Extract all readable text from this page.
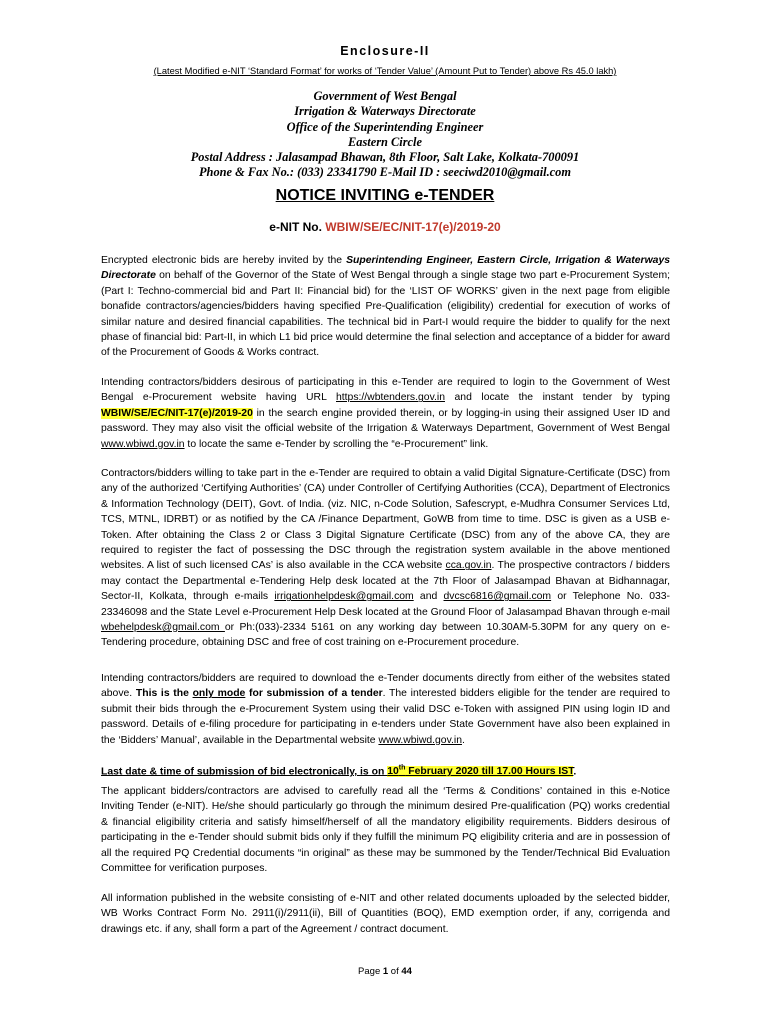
Enclosure-II
(Latest Modified e-NIT ‘Standard Format’ for works of ‘Tender Value’ (Amount Put to Tender) above Rs 45.0 lakh)
Government of West Bengal
Irrigation & Waterways Directorate
Office of the Superintending Engineer
Eastern Circle
Postal Address : Jalasampad Bhawan, 8th Floor, Salt Lake, Kolkata-700091
Phone & Fax No.: (033) 23341790 E-Mail ID : seeciwd2010@gmail.com
NOTICE INVITING e-TENDER
e-NIT No. WBIW/SE/EC/NIT-17(e)/2019-20

Encrypted electronic bids are hereby invited by the Superintending Engineer, Eastern Circle, Irrigation & Waterways Directorate on behalf of the Governor of the State of West Bengal through a single stage two part e-Procurement System; (Part I: Techno-commercial bid and Part II: Financial bid) for the ‘LIST OF WORKS’ given in the next page from eligible bonafide contractors/agencies/bidders having specified Pre-Qualification (eligibility) credential for execution of works of similar nature and desired financial capabilities. The technical bid in Part-I would require the bidder to qualify for the next phase of financial bid: Part-II, in which L1 bid price would determine the final selection and acceptance of a bidder for award of the Procurement of Goods & Works contract.

Intending contractors/bidders desirous of participating in this e-Tender are required to login to the Government of West Bengal e-Procurement website having URL https://wbtenders.gov.in and locate the instant tender by typing WBIW/SE/EC/NIT-17(e)/2019-20 in the search engine provided therein, or by logging-in using their assigned User ID and password. They may also visit the official website of the Irrigation & Waterways Department, Government of West Bengal www.wbiwd.gov.in to locate the same e-Tender by scrolling the “e-Procurement” link.

Contractors/bidders willing to take part in the e-Tender are required to obtain a valid Digital Signature-Certificate (DSC) from any of the authorized ‘Certifying Authorities’ (CA) under Controller of Certifying Authorities (CCA), Department of Electronics & Information Technology (DEIT), Govt. of India. (viz. NIC, n-Code Solution, Safescrypt, e-Mudhra Consumer Services Ltd, TCS, MTNL, IDRBT) or as notified by the CA /Finance Department, GoWB from time to time. DSC is given as a USB e-Token. After obtaining the Class 2 or Class 3 Digital Signature Certificate (DSC) from any of the above CA, they are required to register the fact of possessing the DSC through the registration system available in the above mentioned websites. A list of such licensed CAs’ is also available in the CCA website cca.gov.in. The prospective contractors / bidders may contact the Departmental e-Tendering Help desk located at the 7th Floor of Jalasampad Bhavan at Bidhannagar, Sector-II, Kolkata, through e-mails irrigationhelpdesk@gmail.com and dvcsc6816@gmail.com or Telephone No. 033-23346098 and the State Level e-Procurement Help Desk located at the Ground Floor of Jalasampad Bhavan through e-mail wbehelpdesk@gmail.com or Ph:(033)-2334 5161 on any working day between 10.30AM-5.30PM for any query on e-Tendering procedure, obtaining DSC and free of cost training on e-Procurement procedure.

Intending contractors/bidders are required to download the e-Tender documents directly from either of the websites stated above. This is the only mode for submission of a tender. The interested bidders eligible for the tender are required to submit their bids through the e-Procurement System using their valid DSC e-Token with assigned PIN using login ID and password. Details of e-filing procedure for participating in e-tenders under State Government have also been explained in the ‘Bidders’ Manual’, available in the Departmental website www.wbiwd.gov.in.

Last date & time of submission of bid electronically, is on 10th February 2020 till 17.00 Hours IST.

The applicant bidders/contractors are advised to carefully read all the ‘Terms & Conditions’ contained in this e-Notice Inviting Tender (e-NIT). He/she should particularly go through the minimum desired Pre-qualification (PQ) works credential & financial eligibility criteria and satisfy himself/herself of all the mandatory eligibility requirements. Bidders desirous of participating in the e-Tender should submit bids only if they fulfill the minimum PQ eligibility criteria and are in possession of all the required PQ Credential documents “in original” as these may be summoned by the Tender/Technical Bid Evaluation Committee for verification purposes.

All information published in the website consisting of e-NIT and other related documents uploaded by the selected bidder, WB Works Contract Form No. 2911(i)/2911(ii), Bill of Quantities (BOQ), EMD exemption order, if any, corrigenda and drawings etc. if any, shall form a part of the Agreement / contract document.

Page 1 of 44
